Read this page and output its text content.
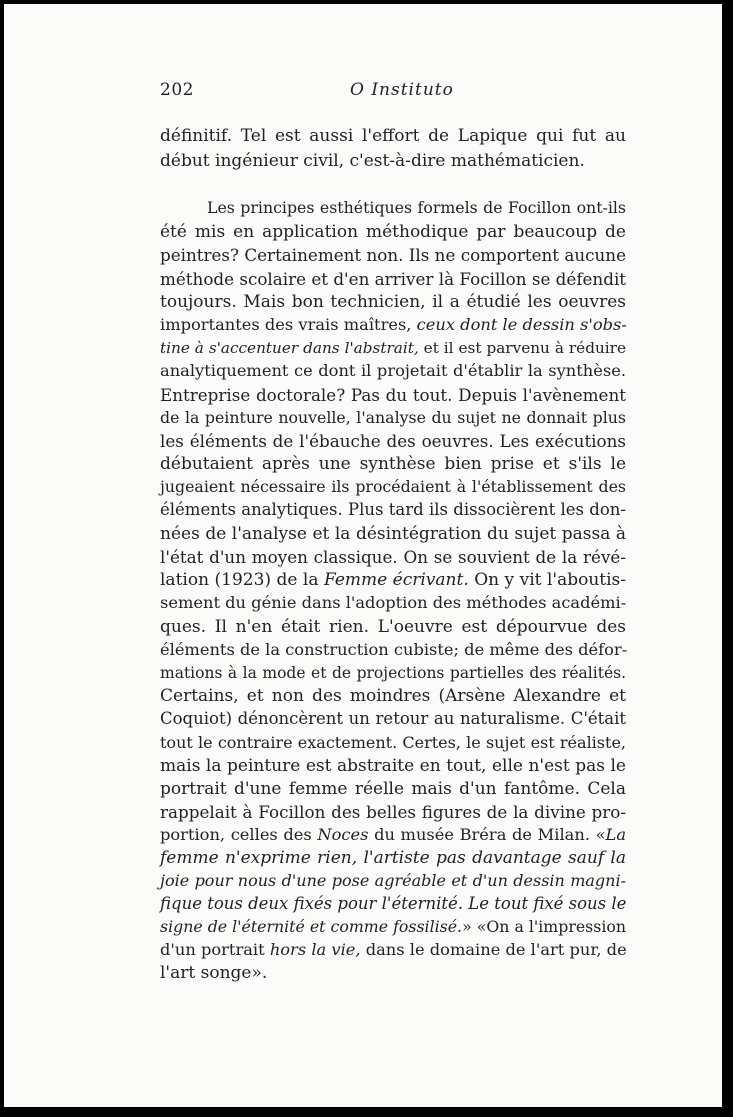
202	O Instituto
définitif. Tel est aussi l'effort de Lapique qui fut au
début ingénieur civil, c'est-à-dire mathématicien.
Les principes esthétiques formels de Focillon ont-ils
été mis en application méthodique par beaucoup de
peintres? Certainement non. Ils ne comportent aucune
méthode scolaire et d'en arriver là Focillon se défendit
toujours. Mais bon technicien, il a étudié les oeuvres
importantes des vrais maîtres, ceux dont le dessin s'obs-
tine à s'accentuer dans l'abstrait, et il est parvenu à réduire
analytiquement ce dont il projetait d'établir la synthèse.
Entreprise doctorale? Pas du tout. Depuis l'avènement
de la peinture nouvelle, l'analyse du sujet ne donnait plus
les éléments de l'ébauche des oeuvres. Les exécutions
débutaient après une synthèse bien prise et s'ils le
jugeaient nécessaire ils procédaient à l'établissement des
éléments analytiques. Plus tard ils dissocièrent les don-
nées de l'analyse et la désintégration du sujet passa à
l'état d'un moyen classique. On se souvient de la révé-
lation (1923) de la Femme écrivant. On y vit l'aboutis-
sement du génie dans l'adoption des méthodes académi-
ques. Il n'en était rien. L'oeuvre est dépourvue des
éléments de la construction cubiste; de même des défor-
mations à la mode et de projections partielles des réalités.
Certains, et non des moindres (Arsène Alexandre et
Coquiot) dénoncèrent un retour au naturalisme. C'était
tout le contraire exactement. Certes, le sujet est réaliste,
mais la peinture est abstraite en tout, elle n'est pas le
portrait d'une femme réelle mais d'un fantôme. Cela
rappelait à Focillon des belles figures de la divine pro-
portion, celles des Noces du musée Bréra de Milan. «La
femme n'exprime rien, l'artiste pas davantage sauf la
joie pour nous d'une pose agréable et d'un dessin magni-
fique tous deux fixés pour l'éternité. Le tout fixé sous le
signe de l'éternité et comme fossilisé.» «On a l'impression
d'un portrait hors la vie, dans le domaine de l'art pur, de
l'art songe».
